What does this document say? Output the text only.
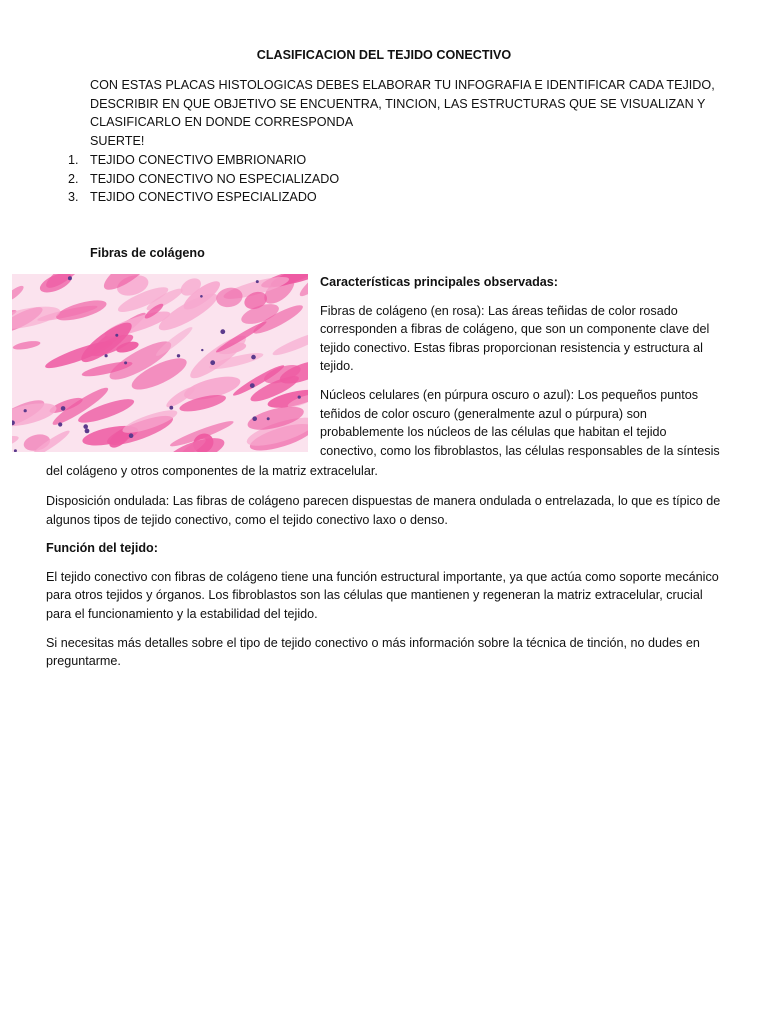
CLASIFICACION DEL TEJIDO CONECTIVO

CON ESTAS PLACAS HISTOLOGICAS DEBES ELABORAR TU INFOGRAFIA E IDENTIFICAR CADA TEJIDO, DESCRIBIR EN QUE OBJETIVO SE ENCUENTRA, TINCION, LAS ESTRUCTURAS QUE SE VISUALIZAN Y CLASIFICARLO EN DONDE CORRESPONDA

SUERTE!

1. TEJIDO CONECTIVO EMBRIONARIO
2. TEJIDO CONECTIVO NO ESPECIALIZADO
3. TEJIDO CONECTIVO ESPECIALIZADO
Fibras de colágeno

Características principales observadas:

Fibras de colágeno (en rosa): Las áreas teñidas de color rosado corresponden a fibras de colágeno, que son un componente clave del tejido conectivo. Estas fibras proporcionan resistencia y estructura al tejido.

Núcleos celulares (en púrpura oscuro o azul): Los pequeños puntos teñidos de color oscuro (generalmente azul o púrpura) son probablemente los núcleos de las células que habitan el tejido conectivo, como los fibroblastos, las células responsables de la síntesis

del colágeno y otros componentes de la matriz extracelular.

Disposición ondulada: Las fibras de colágeno parecen dispuestas de manera ondulada o entrelazada, lo que es típico de algunos tipos de tejido conectivo, como el tejido conectivo laxo o denso.

Función del tejido:

El tejido conectivo con fibras de colágeno tiene una función estructural importante, ya que actúa como soporte mecánico para otros tejidos y órganos. Los fibroblastos son las células que mantienen y regeneran la matriz extracelular, crucial para el funcionamiento y la estabilidad del tejido.

Si necesitas más detalles sobre el tipo de tejido conectivo o más información sobre la técnica de tinción, no dudes en preguntarme.
